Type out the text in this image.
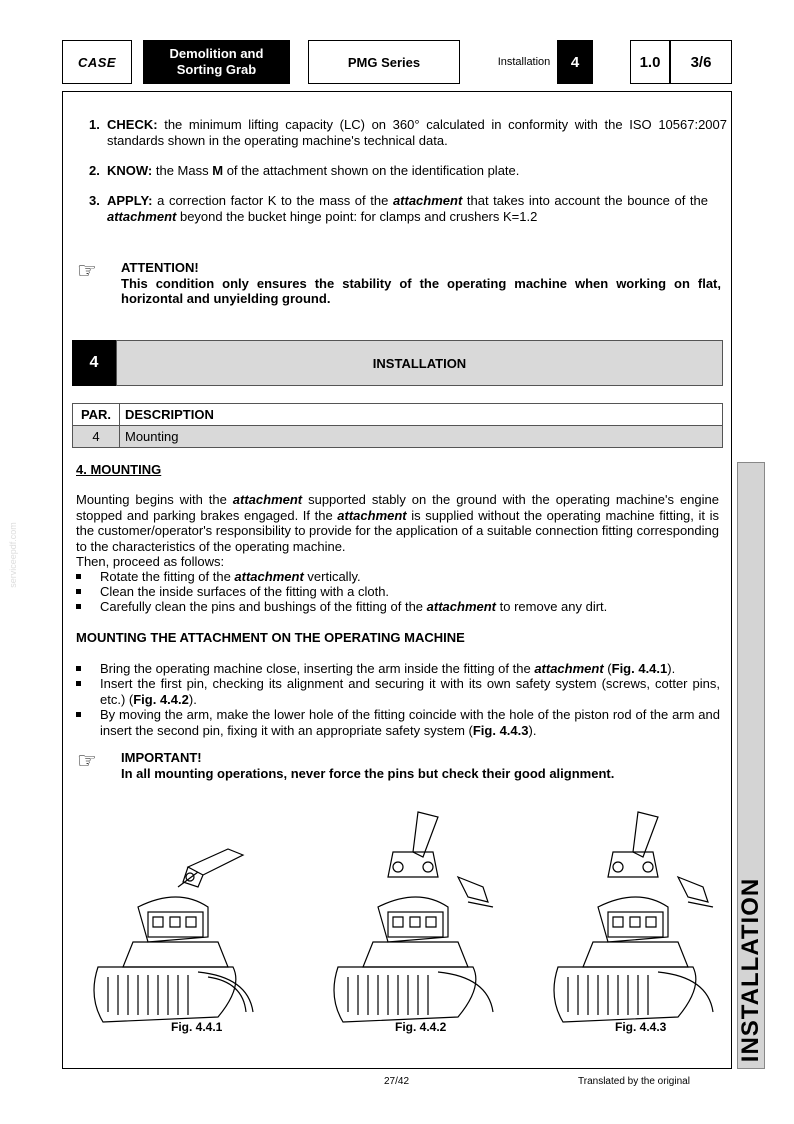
CASE
Demolition and
Sorting Grab	PMG Series	Installation 4	1.0 3/6
serviceepdf.com
INSTALLATION
1. CHECK: the minimum lifting capacity (LC) on 360° calculated in conformity with the ISO 10567:2007 standards shown in the operating machine's technical data.
2. KNOW: the Mass M of the attachment shown on the identification plate.
3. APPLY: a correction factor K to the mass of the attachment that takes into account the bounce of the attachment beyond the bucket hinge point: for clamps and crushers K=1.2
☞ ATTENTION!
This condition only ensures the stability of the operating machine when working on flat, horizontal and unyielding ground.
4	INSTALLATION
PAR.	DESCRIPTION
4	Mounting
4. MOUNTING
Mounting begins with the attachment supported stably on the ground with the operating machine's engine stopped and parking brakes engaged. If the attachment is supplied without the operating machine fitting, it is the customer/operator's responsibility to provide for the application of a suitable connection fitting corresponding to the characteristics of the operating machine.
Then, proceed as follows:
Rotate the fitting of the attachment vertically.
Clean the inside surfaces of the fitting with a cloth.
Carefully clean the pins and bushings of the fitting of the attachment to remove any dirt.
MOUNTING THE ATTACHMENT ON THE OPERATING MACHINE
Bring the operating machine close, inserting the arm inside the fitting of the attachment (Fig. 4.4.1).
Insert the first pin, checking its alignment and securing it with its own safety system (screws, cotter pins, etc.) (Fig. 4.4.2).
By moving the arm, make the lower hole of the fitting coincide with the hole of the piston rod of the arm and insert the second pin, fixing it with an appropriate safety system (Fig. 4.4.3).
☞ IMPORTANT!
In all mounting operations, never force the pins but check their good alignment.
Fig. 4.4.1	Fig. 4.4.2	Fig. 4.4.3
27/42	Translated by the original
